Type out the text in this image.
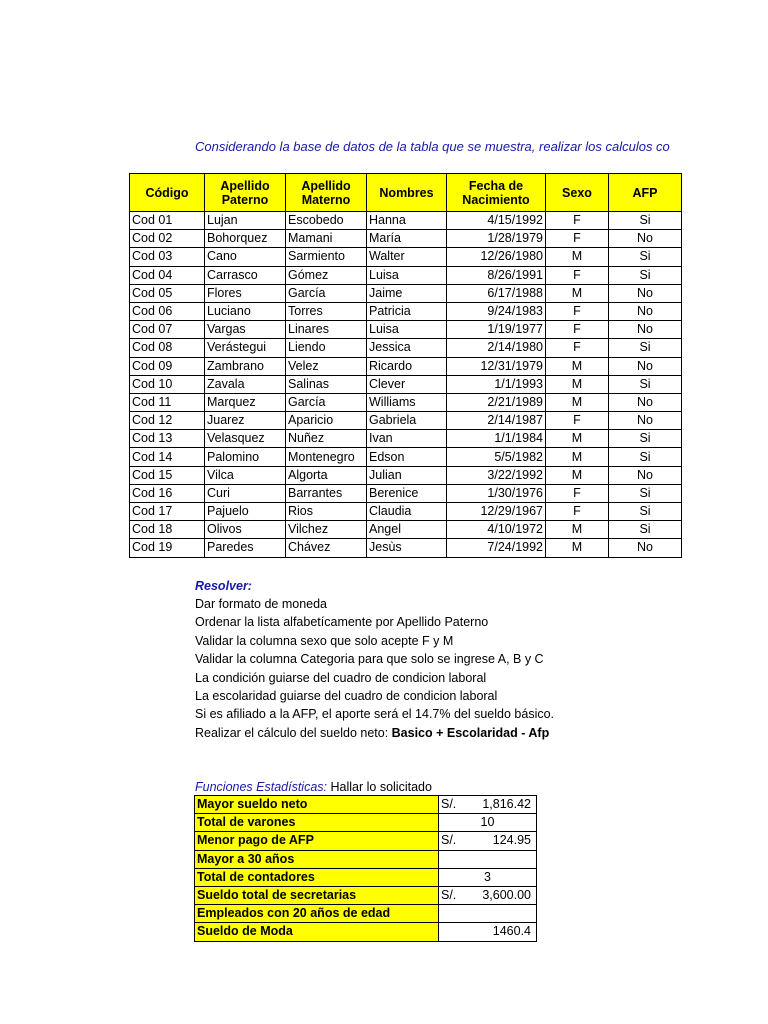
Considerando la base de datos de la tabla que se muestra, realizar los calculos co
Código	Apellido Paterno	Apellido Materno	Nombres	Fecha de Nacimiento	Sexo	AFP
Cod 01	Lujan	Escobedo	Hanna	4/15/1992	F	Si
Cod 02	Bohorquez	Mamani	María	1/28/1979	F	No
Cod 03	Cano	Sarmiento	Walter	12/26/1980	M	Si
Cod 04	Carrasco	Gómez	Luisa	8/26/1991	F	Si
Cod 05	Flores	García	Jaime	6/17/1988	M	No
Cod 06	Luciano	Torres	Patricia	9/24/1983	F	No
Cod 07	Vargas	Linares	Luisa	1/19/1977	F	No
Cod 08	Verástegui	Liendo	Jessica	2/14/1980	F	Si
Cod 09	Zambrano	Velez	Ricardo	12/31/1979	M	No
Cod 10	Zavala	Salinas	Clever	1/1/1993	M	Si
Cod 11	Marquez	García	Williams	2/21/1989	M	No
Cod 12	Juarez	Aparicio	Gabriela	2/14/1987	F	No
Cod 13	Velasquez	Nuñez	Ivan	1/1/1984	M	Si
Cod 14	Palomino	Montenegro	Edson	5/5/1982	M	Si
Cod 15	Vilca	Algorta	Julian	3/22/1992	M	No
Cod 16	Curi	Barrantes	Berenice	1/30/1976	F	Si
Cod 17	Pajuelo	Rios	Claudia	12/29/1967	F	Si
Cod 18	Olivos	Vilchez	Angel	4/10/1972	M	Si
Cod 19	Paredes	Chávez	Jesùs	7/24/1992	M	No
Resolver:
Dar formato de moneda
Ordenar la lista alfabetícamente por Apellido Paterno
Validar la columna sexo que solo acepte F y M
Validar la columna Categoria para que solo se ingrese A, B y C
La condición guiarse del cuadro de condicion laboral
La escolaridad guiarse del cuadro de condicion laboral
Si es afiliado a la AFP, el aporte será el 14.7% del sueldo básico.
Realizar el cálculo del sueldo neto: Basico + Escolaridad - Afp
Funciones Estadísticas: Hallar lo solicitado
Mayor sueldo neto	S/. 1,816.42

Total de varones	10

Menor pago de AFP	S/. 124.95

Mayor a 30 años	

Total de contadores	3

Sueldo total de secretarias	S/. 3,600.00

Empleados con 20 años de edad	

Sueldo de Moda	1460.4
